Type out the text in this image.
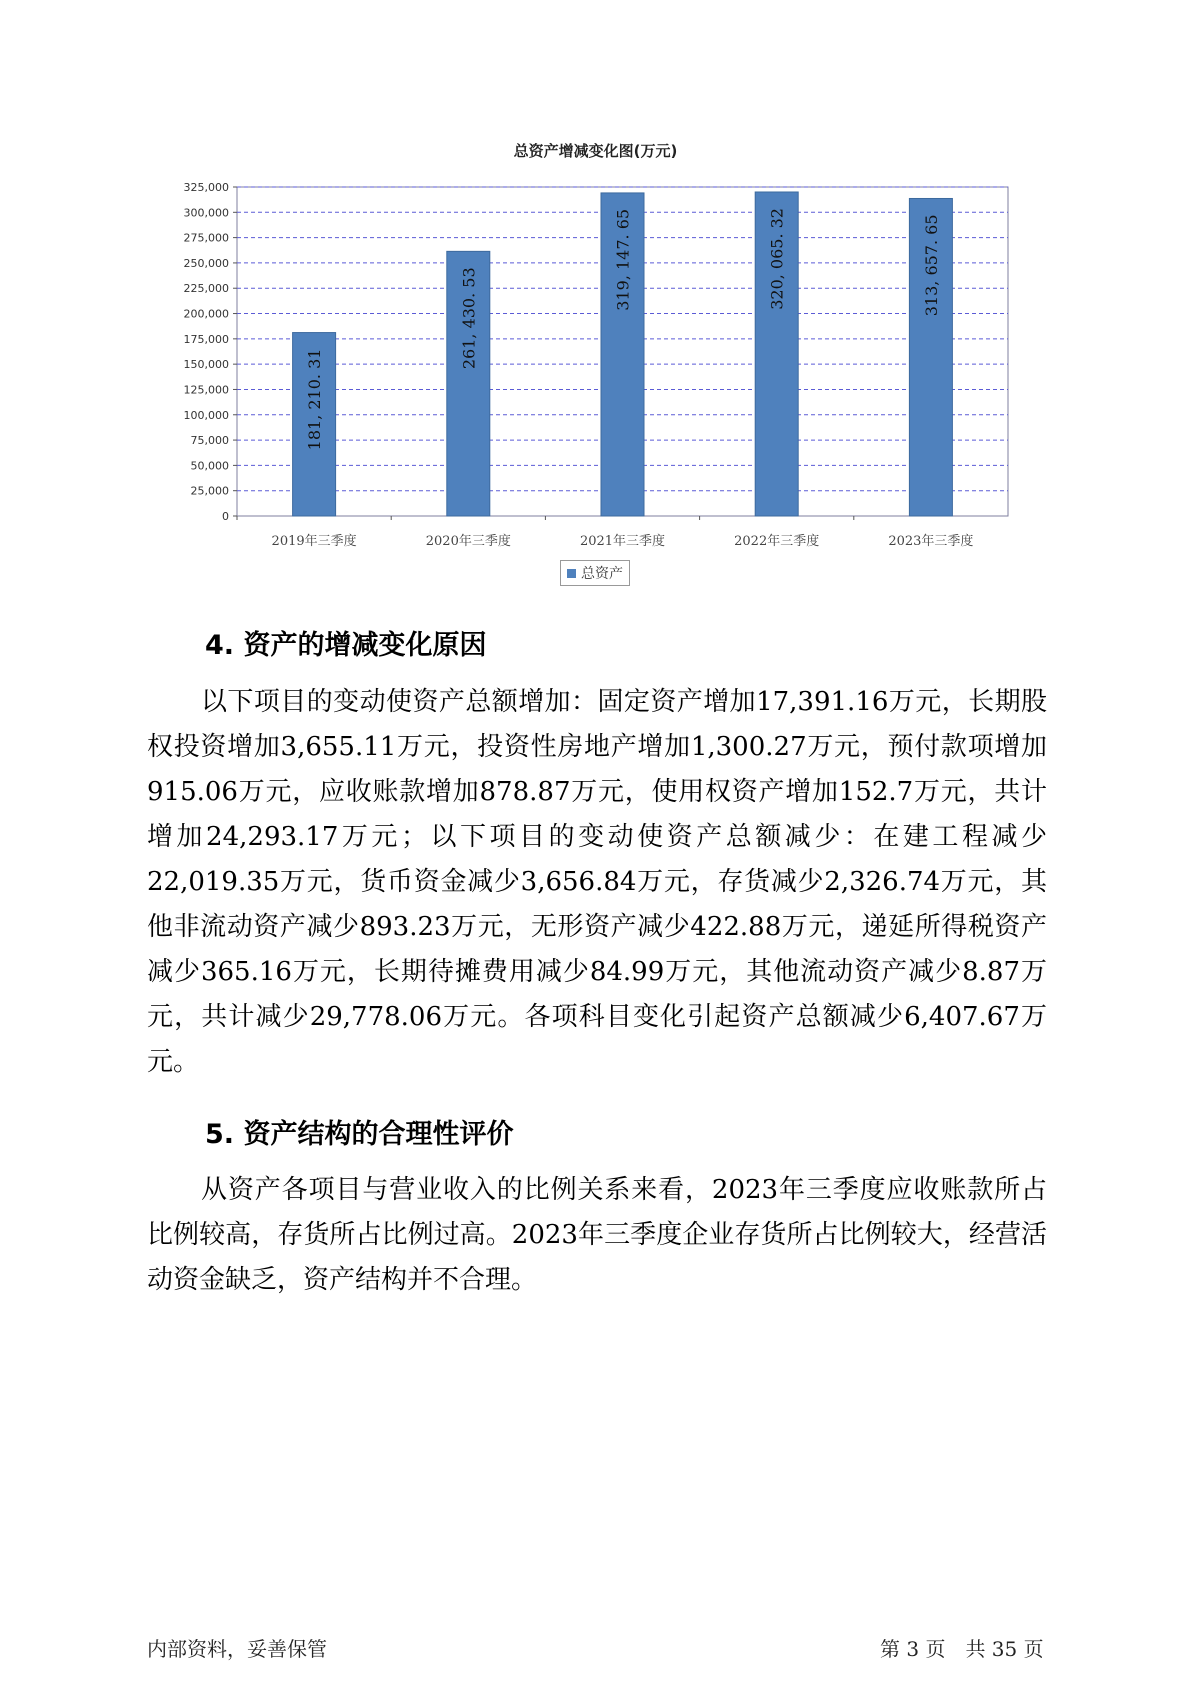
总资产增减变化图(万元)
0
25,000
50,000
75,000
100,000
125,000
150,000
175,000
200,000
225,000
250,000
275,000
300,000
325,000
181, 210. 31
2019年三季度
261, 430. 53
2020年三季度
319, 147. 65
2021年三季度
320, 065. 32
2022年三季度
313, 657. 65
2023年三季度
总资产
4. 资产的增减变化原因

以下项目的变动使资产总额增加：固定资产增加17,391.16万元，长期股权投资增加3,655.11万元，投资性房地产增加1,300.27万元，预付款项增加915.06万元，应收账款增加878.87万元，使用权资产增加152.7万元，共计增加24,293.17万元；以下项目的变动使资产总额减少：在建工程减少22,019.35万元，货币资金减少3,656.84万元，存货减少2,326.74万元，其他非流动资产减少893.23万元，无形资产减少422.88万元，递延所得税资产减少365.16万元，长期待摊费用减少84.99万元，其他流动资产减少8.87万元，共计减少29,778.06万元。各项科目变化引起资产总额减少6,407.67万元。

5. 资产结构的合理性评价

从资产各项目与营业收入的比例关系来看，2023年三季度应收账款所占比例较高，存货所占比例过高。2023年三季度企业存货所占比例较大，经营活动资金缺乏，资产结构并不合理。

内部资料，妥善保管	第 3 页　共 35 页
